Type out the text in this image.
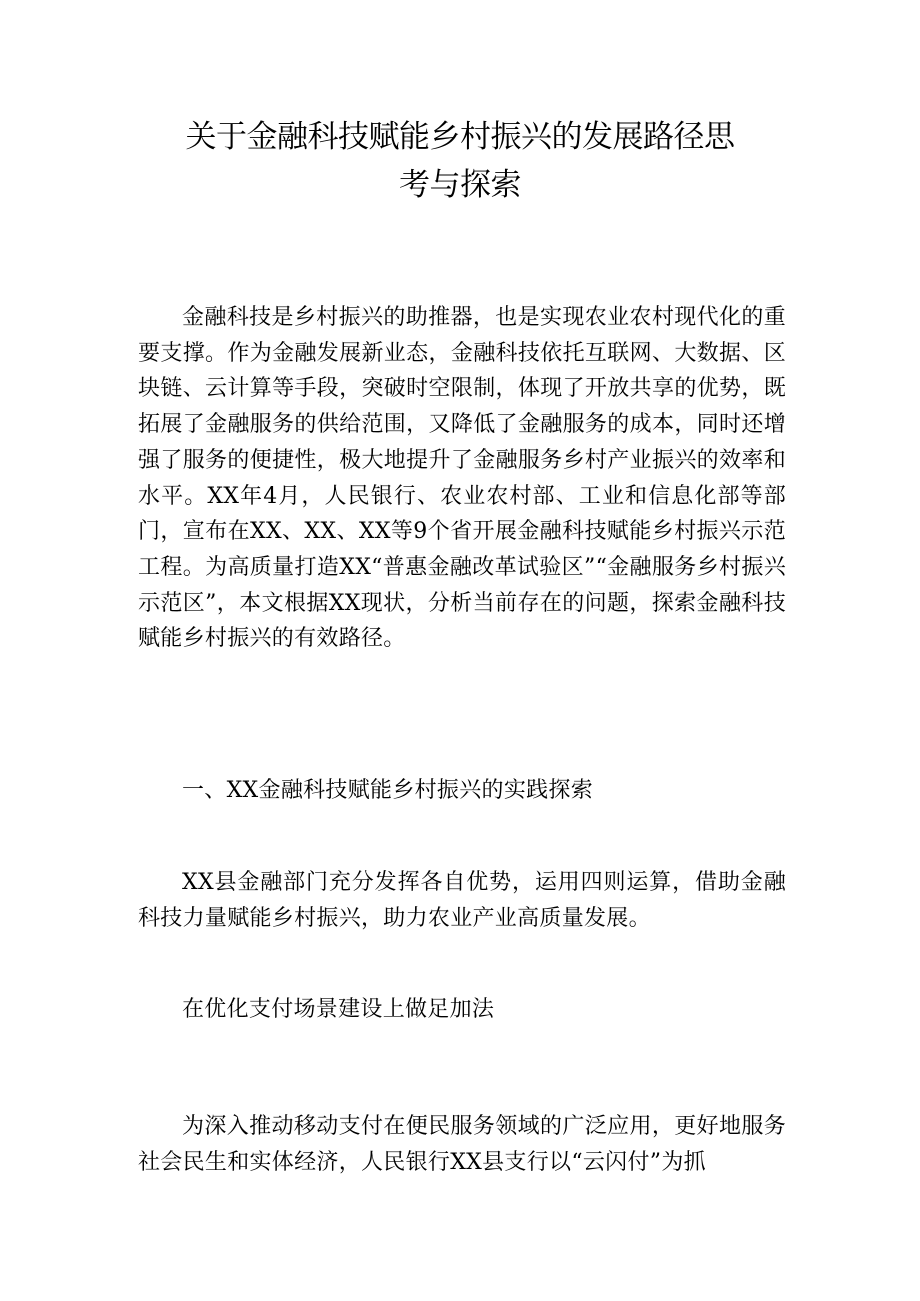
关于金融科技赋能乡村振兴的发展路径思
考与探索

金融科技是乡村振兴的助推器，也是实现农业农村现代化的重要支撑。作为金融发展新业态，金融科技依托互联网、大数据、区块链、云计算等手段，突破时空限制，体现了开放共享的优势，既拓展了金融服务的供给范围，又降低了金融服务的成本，同时还增强了服务的便捷性，极大地提升了金融服务乡村产业振兴的效率和水平。XX年4月，人民银行、农业农村部、工业和信息化部等部门，宣布在XX、XX、XX等9个省开展金融科技赋能乡村振兴示范工程。为高质量打造XX“普惠金融改革试验区”“金融服务乡村振兴示范区”，本文根据XX现状，分析当前存在的问题，探索金融科技赋能乡村振兴的有效路径。

一、XX金融科技赋能乡村振兴的实践探索

XX县金融部门充分发挥各自优势，运用四则运算，借助金融科技力量赋能乡村振兴，助力农业产业高质量发展。

在优化支付场景建设上做足加法

为深入推动移动支付在便民服务领域的广泛应用，更好地服务社会民生和实体经济，人民银行XX县支行以“云闪付”为抓
